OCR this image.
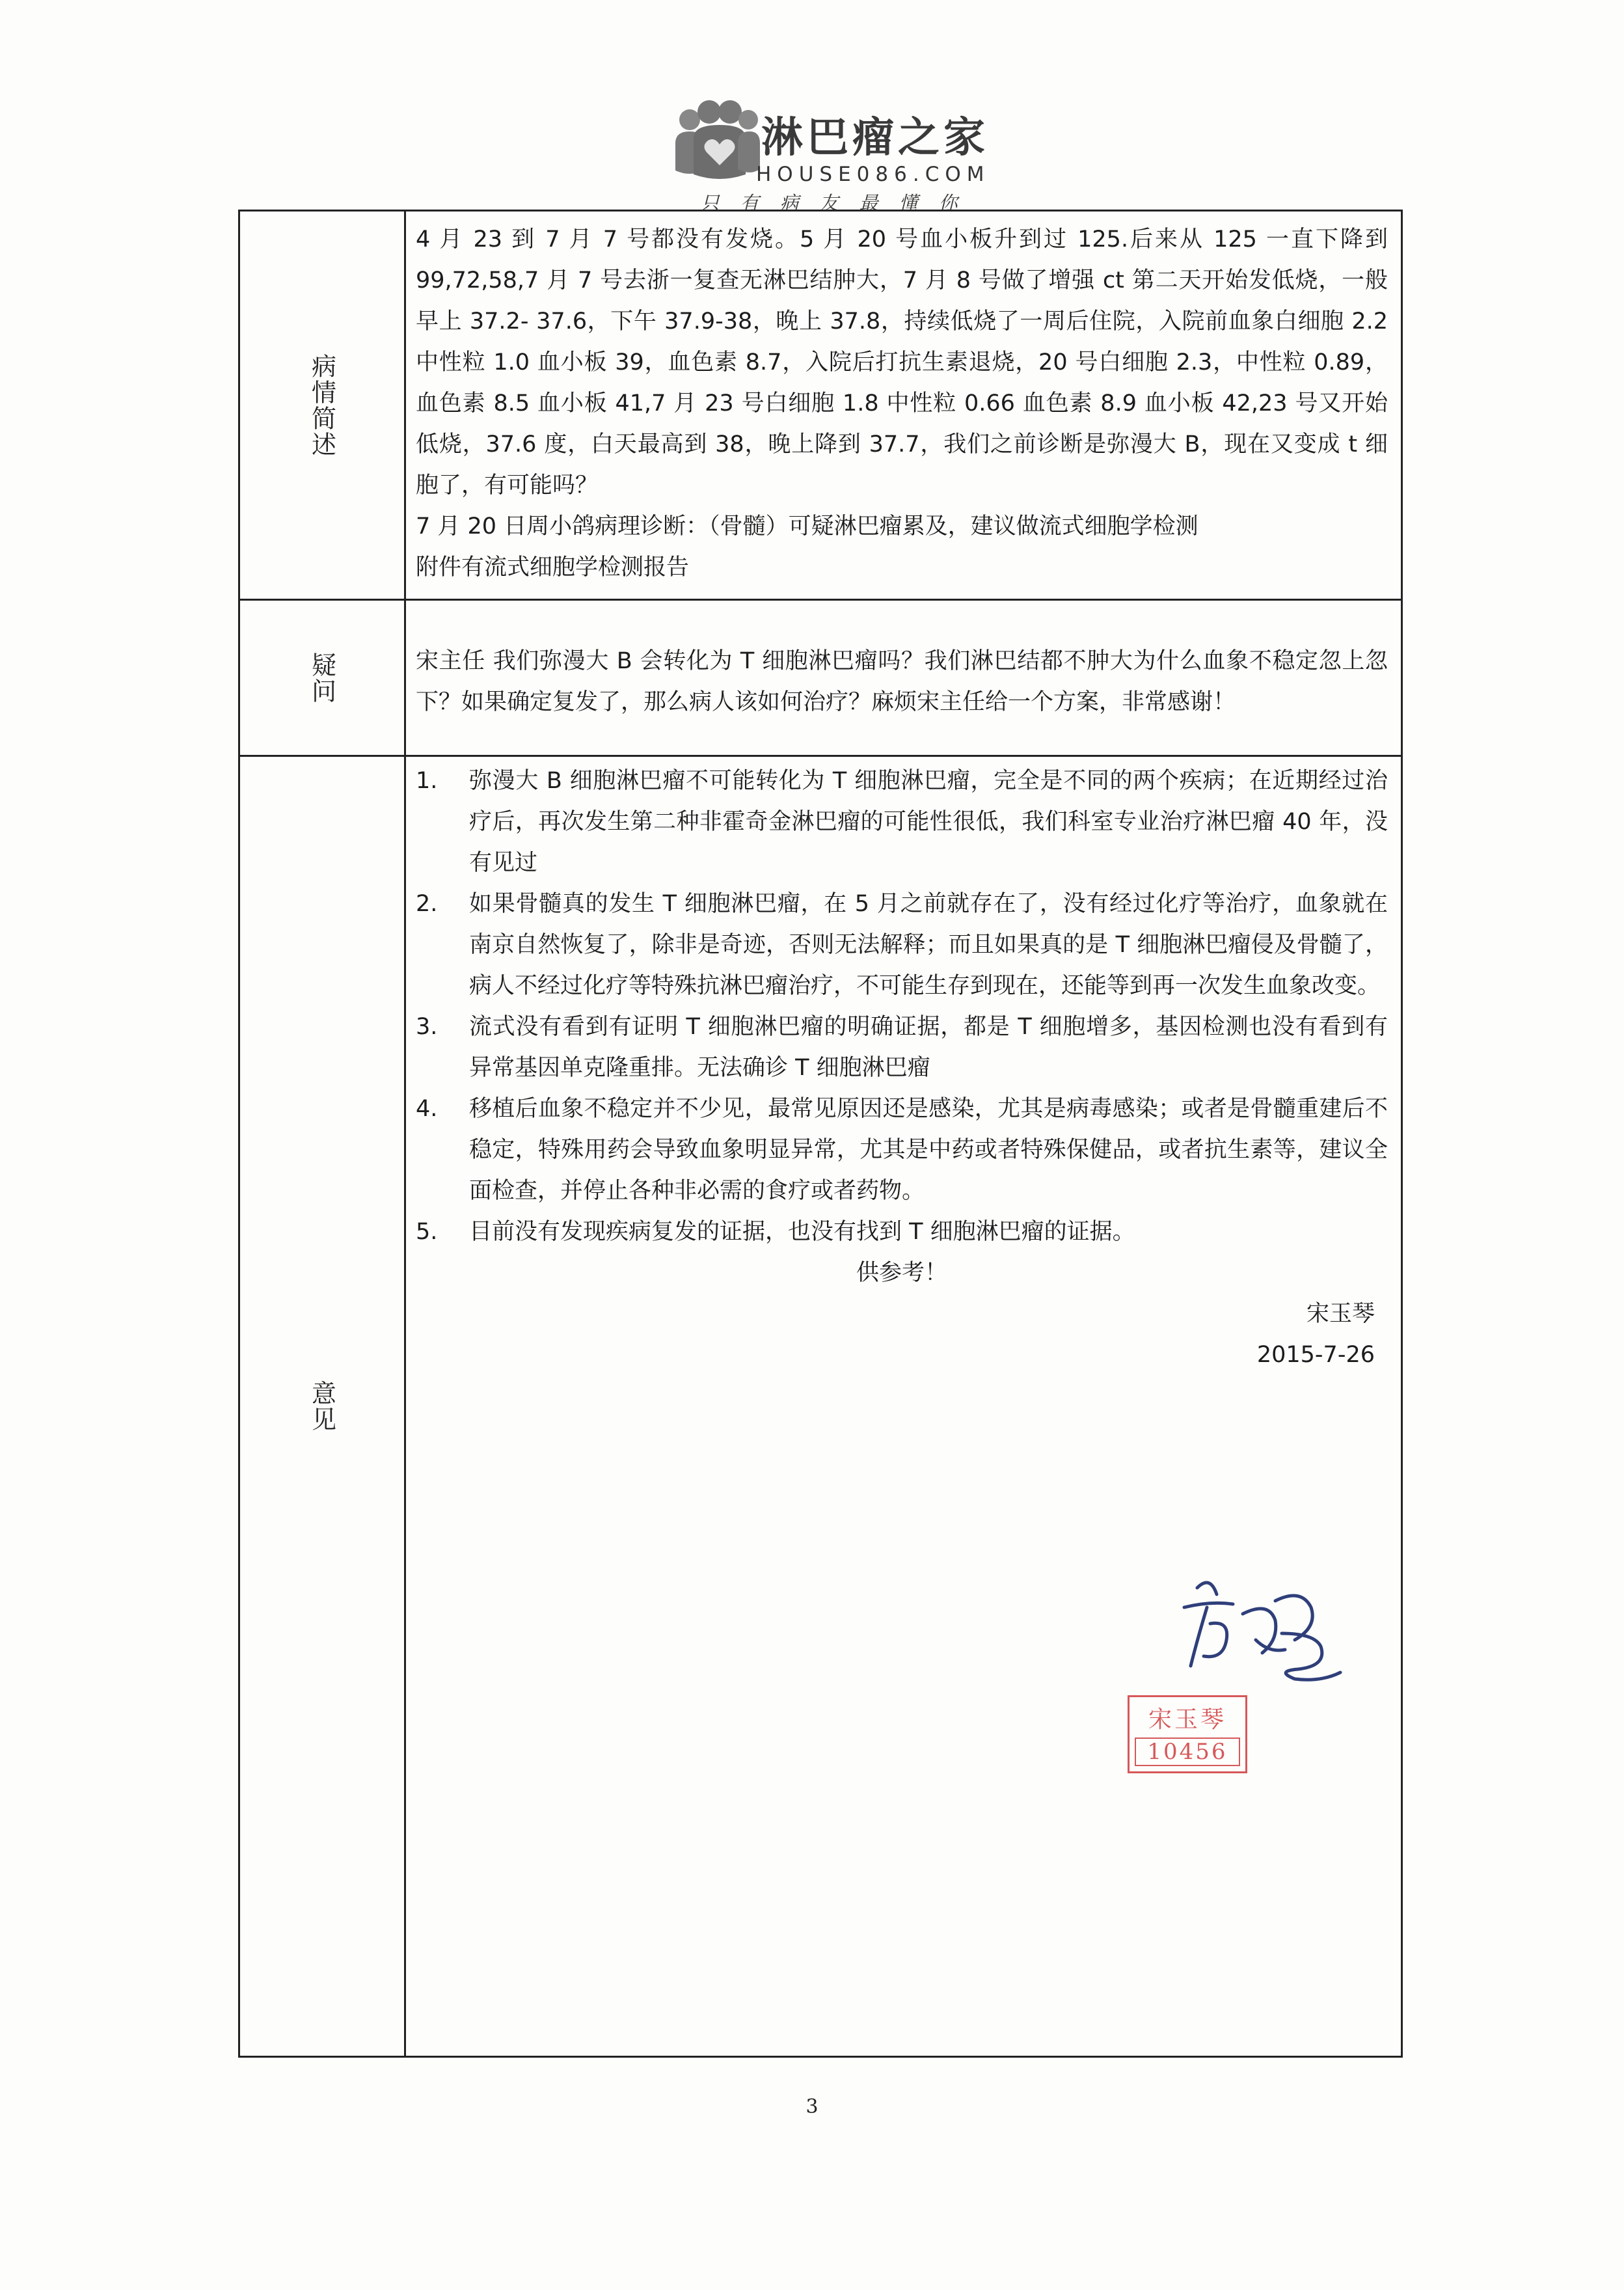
淋巴瘤之家
HOUSE086.COM
只有病友最懂你
病情简述

4 月 23 到 7 月 7 号都没有发烧。5 月 20 号血小板升到过 125.后来从 125 一直下降到 99,72,58,7 月 7 号去浙一复查无淋巴结肿大，7 月 8 号做了增强 ct 第二天开始发低烧，一般早上 37.2- 37.6，下午 37.9-38，晚上 37.8，持续低烧了一周后住院，入院前血象白细胞 2.2 中性粒 1.0 血小板 39，血色素 8.7，入院后打抗生素退烧，20 号白细胞 2.3，中性粒 0.89，血色素 8.5 血小板 41,7 月 23 号白细胞 1.8 中性粒 0.66 血色素 8.9 血小板 42,23 号又开始低烧，37.6 度，白天最高到 38，晚上降到 37.7，我们之前诊断是弥漫大 B，现在又变成 t 细胞了，有可能吗？

7 月 20 日周小鸽病理诊断：（骨髓）可疑淋巴瘤累及，建议做流式细胞学检测

附件有流式细胞学检测报告

疑问	宋主任 我们弥漫大 B 会转化为 T 细胞淋巴瘤吗？我们淋巴结都不肿大为什么血象不稳定忽上忽下？如果确定复发了，那么病人该如何治疗？麻烦宋主任给一个方案，非常感谢！

意见
1. 弥漫大 B 细胞淋巴瘤不可能转化为 T 细胞淋巴瘤，完全是不同的两个疾病；在近期经过治疗后，再次发生第二种非霍奇金淋巴瘤的可能性很低，我们科室专业治疗淋巴瘤 40 年，没有见过
2. 如果骨髓真的发生 T 细胞淋巴瘤，在 5 月之前就存在了，没有经过化疗等治疗，血象就在南京自然恢复了，除非是奇迹，否则无法解释；而且如果真的是 T 细胞淋巴瘤侵及骨髓了，病人不经过化疗等特殊抗淋巴瘤治疗，不可能生存到现在，还能等到再一次发生血象改变。
3. 流式没有看到有证明 T 细胞淋巴瘤的明确证据，都是 T 细胞增多，基因检测也没有看到有异常基因单克隆重排。无法确诊 T 细胞淋巴瘤
4. 移植后血象不稳定并不少见，最常见原因还是感染，尤其是病毒感染；或者是骨髓重建后不稳定，特殊用药会导致血象明显异常，尤其是中药或者特殊保健品，或者抗生素等，建议全面检查，并停止各种非必需的食疗或者药物。
5. 目前没有发现疾病复发的证据，也没有找到 T 细胞淋巴瘤的证据。

供参考！

宋玉琴

2015-7-26

宋玉琴
10456
3
